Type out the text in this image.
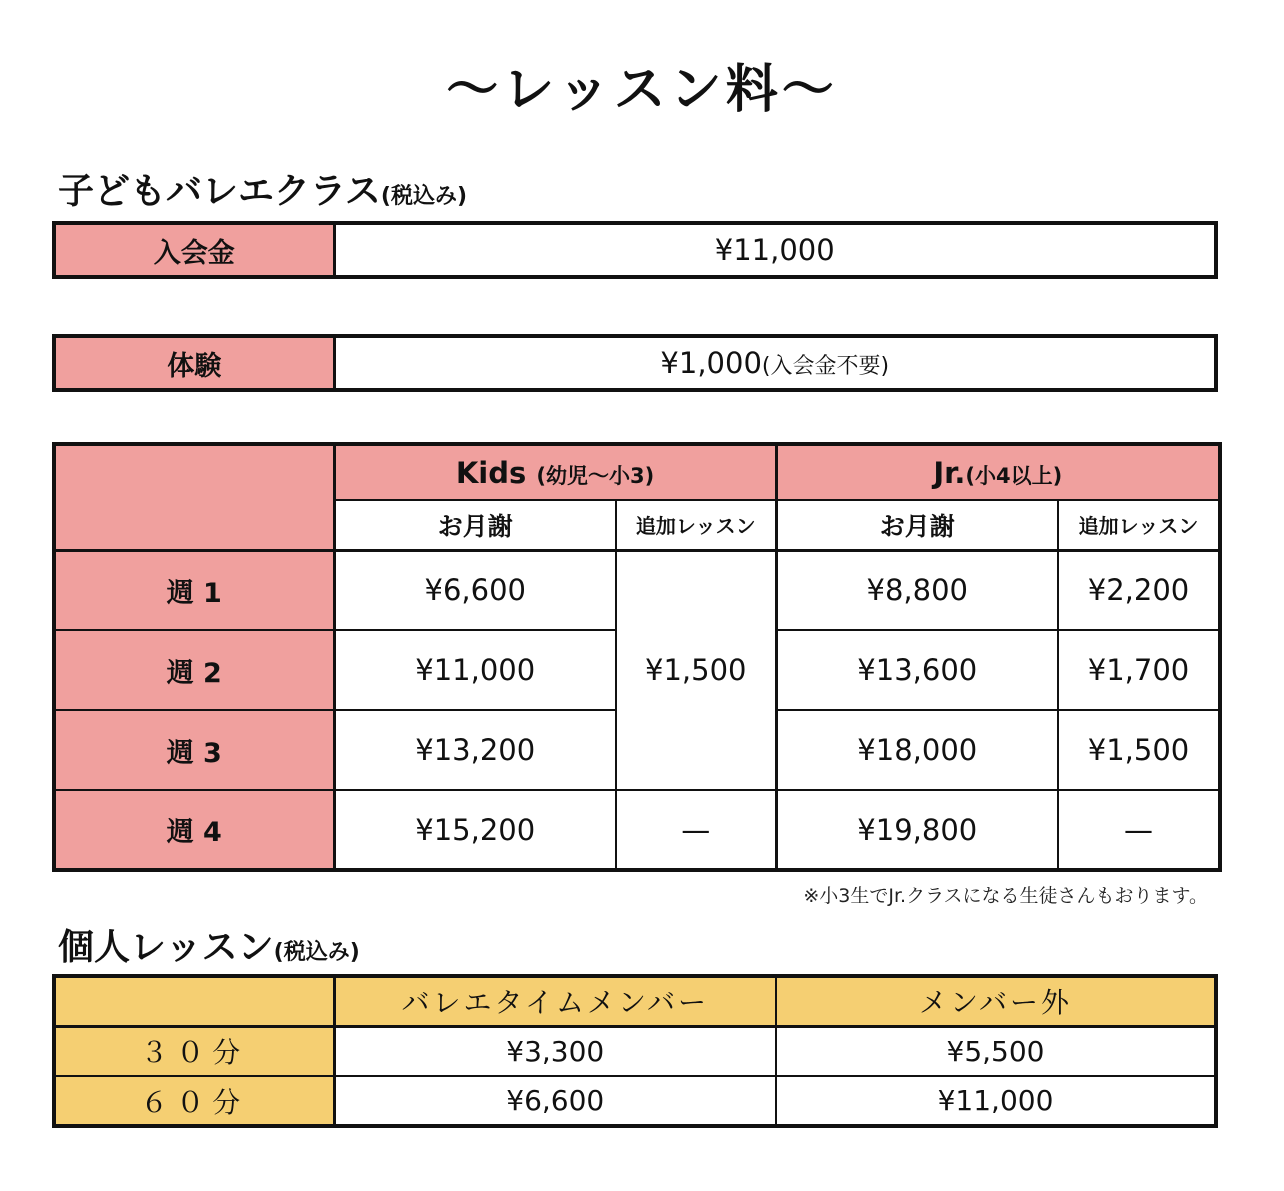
〜レッスン料〜
子どもバレエクラス(税込み)
入会金	¥11,000
体験	¥1,000(入会金不要)
	Kids (幼児〜小3)		Jr.(小4以上)	
	お月謝	追加レッスン	お月謝	追加レッスン
週 1	¥6,600	¥1,500	¥8,800	¥2,200
週 2	¥11,000		¥13,600	¥1,700
週 3	¥13,200		¥18,000	¥1,500
週 4	¥15,200	—	¥19,800	—
※小3生でJr.クラスになる生徒さんもおります。
個人レッスン(税込み)
	バレエタイムメンバー	メンバー外
３０分	¥3,300	¥5,500
６０分	¥6,600	¥11,000
